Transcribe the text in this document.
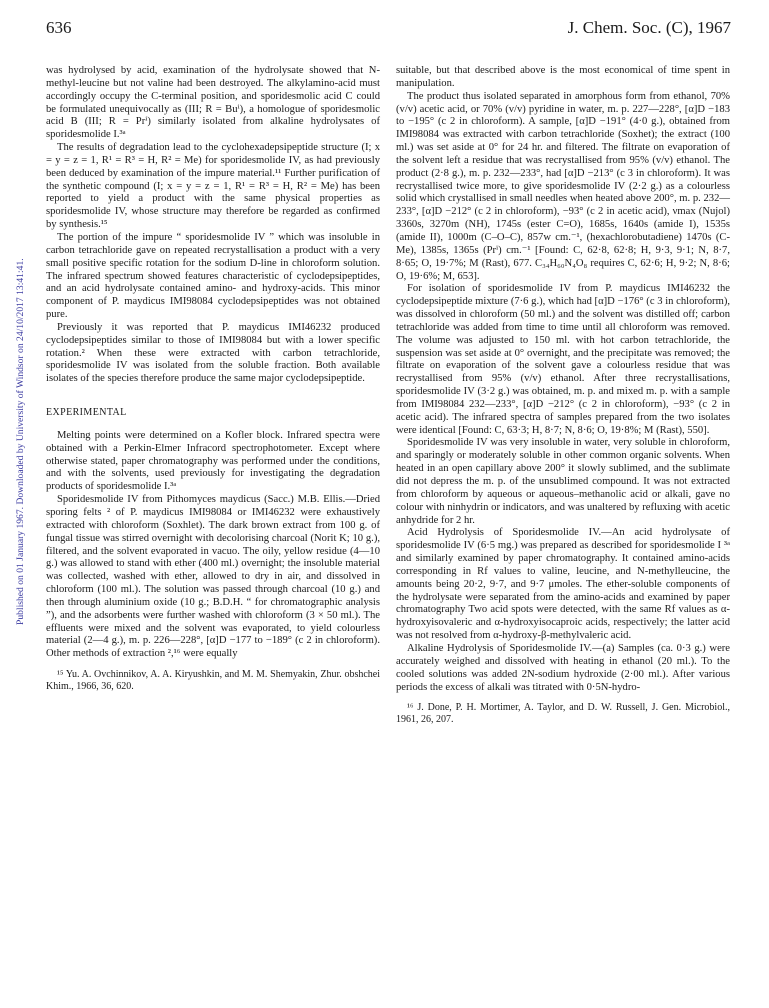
636	J. Chem. Soc. (C), 1967
Published on 01 January 1967. Downloaded by University of Windsor on 24/10/2017 13:41:41.

was hydrolysed by acid, examination of the hydrolysate showed that N-methyl-leucine but not valine had been destroyed. The alkylamino-acid must accordingly occupy the C-terminal position, and sporidesmolic acid C could be formulated unequivocally as (III; R = Buⁱ), a homologue of sporidesmolic acid B (III; R = Prⁱ) similarly isolated from alkaline hydrolysates of sporidesmolide I.³ᵃ

The results of degradation lead to the cyclohexadepsipeptide structure (I; x = y = z = 1, R¹ = R³ = H, R² = Me) for sporidesmolide IV, as had previously been deduced by examination of the impure material.¹¹ Further purification of the synthetic compound (I; x = y = z = 1, R¹ = R³ = H, R² = Me) has been reported to yield a product with the same physical properties as sporidesmolide IV, whose structure may therefore be regarded as confirmed by synthesis.¹⁵

The portion of the impure “ sporidesmolide IV ” which was insoluble in carbon tetrachloride gave on repeated recrystallisation a product with a very small positive specific rotation for the sodium D-line in chloroform solution. The infrared spectrum showed features characteristic of cyclodepsipeptides, and an acid hydrolysate contained amino- and hydroxy-acids. This minor component of P. maydicus IMI98084 cyclodepsipeptides was not obtained pure.

Previously it was reported that P. maydicus IMI46232 produced cyclodepsipeptides similar to those of IMI98084 but with a lower specific rotation.² When these were extracted with carbon tetrachloride, sporidesmolide IV was isolated from the soluble fraction. Both available isolates of the species therefore produce the same major cyclodepsipeptide.

EXPERIMENTAL

Melting points were determined on a Kofler block. Infrared spectra were obtained with a Perkin-Elmer Infracord spectrophotometer. Except where otherwise stated, paper chromatography was performed under the conditions, and with the solvents, used previously for investigating the degradation products of sporidesmolide I.³ᵃ

Sporidesmolide IV from Pithomyces maydicus (Sacc.) M.B. Ellis.—Dried sporing felts ² of P. maydicus IMI98084 or IMI46232 were exhaustively extracted with chloroform (Soxhlet). The dark brown extract from 100 g. of fungal tissue was stirred overnight with decolorising charcoal (Norit K; 10 g.), filtered, and the solvent evaporated in vacuo. The oily, yellow residue (4—10 g.) was allowed to stand with ether (400 ml.) overnight; the insoluble material was collected, washed with ether, allowed to dry in air, and dissolved in chloroform (100 ml.). The solution was passed through charcoal (10 g.) and then through aluminium oxide (10 g.; B.D.H. “ for chromatographic analysis ”), and the adsorbents were further washed with chloroform (3 × 50 ml.). The effluents were mixed and the solvent was evaporated, to yield colourless material (2—4 g.), m. p. 226—228°, [α]D −177 to −189° (c 2 in chloroform). Other methods of extraction ²,¹⁶ were equally

¹⁵ Yu. A. Ovchinnikov, A. A. Kiryushkin, and M. M. Shemyakin, Zhur. obshchei Khim., 1966, 36, 620.

suitable, but that described above is the most economical of time spent in manipulation.

The product thus isolated separated in amorphous form from ethanol, 70% (v/v) acetic acid, or 70% (v/v) pyridine in water, m. p. 227—228°, [α]D −183 to −195° (c 2 in chloroform). A sample, [α]D −191° (4·0 g.), obtained from IMI98084 was extracted with carbon tetrachloride (Soxhet); the extract (100 ml.) was set aside at 0° for 24 hr. and filtered. The filtrate on evaporation of the solvent left a residue that was recrystallised from 95% (v/v) ethanol. The product (2·8 g.), m. p. 232—233°, had [α]D −213° (c 3 in chloroform). It was recrystallised twice more, to give sporidesmolide IV (2·2 g.) as a colourless solid which crystallised in small needles when heated above 200°, m. p. 232—233°, [α]D −212° (c 2 in chloroform), −93° (c 2 in acetic acid), νmax (Nujol) 3360s, 3270m (NH), 1745s (ester C=O), 1685s, 1640s (amide I), 1535s (amide II), 1000m (C–O–C), 857w cm.⁻¹, (hexachlorobutadiene) 1470s (C-Me), 1385s, 1365s (Prⁱ) cm.⁻¹ [Found: C, 62·8, 62·8; H, 9·3, 9·1; N, 8·7, 8·65; O, 19·7%; M (Rast), 677. C₃₄H₆₀N₄O₈ requires C, 62·6; H, 9·2; N, 8·6; O, 19·6%; M, 653].

For isolation of sporidesmolide IV from P. maydicus IMI46232 the cyclodepsipeptide mixture (7·6 g.), which had [α]D −176° (c 3 in chloroform), was dissolved in chloroform (50 ml.) and the solvent was distilled off; carbon tetrachloride was added from time to time until all chloroform was removed. The volume was adjusted to 150 ml. with hot carbon tetrachloride, the suspension was set aside at 0° overnight, and the precipitate was removed; the filtrate on evaporation of the solvent gave a colourless residue that was recrystallised from 95% (v/v) ethanol. After three recrystallisations, sporidesmolide IV (3·2 g.) was obtained, m. p. and mixed m. p. with a sample from IMI98084 232—233°, [α]D −212° (c 2 in chloroform), −93° (c 2 in acetic acid). The infrared spectra of samples prepared from the two isolates were identical [Found: C, 63·3; H, 8·7; N, 8·6; O, 19·8%; M (Rast), 550].

Sporidesmolide IV was very insoluble in water, very soluble in chloroform, and sparingly or moderately soluble in other common organic solvents. When heated in an open capillary above 200° it slowly sublimed, and the sublimate did not depress the m. p. of the unsublimed compound. It was not extracted from chloroform by aqueous or aqueous–methanolic acid or alkali, gave no colour with ninhydrin or indicators, and was unaltered by refluxing with acetic anhydride for 2 hr.

Acid Hydrolysis of Sporidesmolide IV.—An acid hydrolysate of sporidesmolide IV (6·5 mg.) was prepared as described for sporidesmolide I ³ᵃ and similarly examined by paper chromatography. It contained amino-acids corresponding in Rf values to valine, leucine, and N-methylleucine, the amounts being 20·2, 9·7, and 9·7 μmoles. The ether-soluble components of the hydrolysate were separated from the amino-acids and examined by paper chromatography Two acid spots were detected, with the same Rf values as α-hydroxyisovaleric and α-hydroxyisocaproic acids, respectively; the latter acid was not resolved from α-hydroxy-β-methylvaleric acid.

Alkaline Hydrolysis of Sporidesmolide IV.—(a) Samples (ca. 0·3 g.) were accurately weighed and dissolved with heating in ethanol (20 ml.). To the cooled solutions was added 2N-sodium hydroxide (2·00 ml.). After various periods the excess of alkali was titrated with 0·5N-hydro-

¹⁶ J. Done, P. H. Mortimer, A. Taylor, and D. W. Russell, J. Gen. Microbiol., 1961, 26, 207.
